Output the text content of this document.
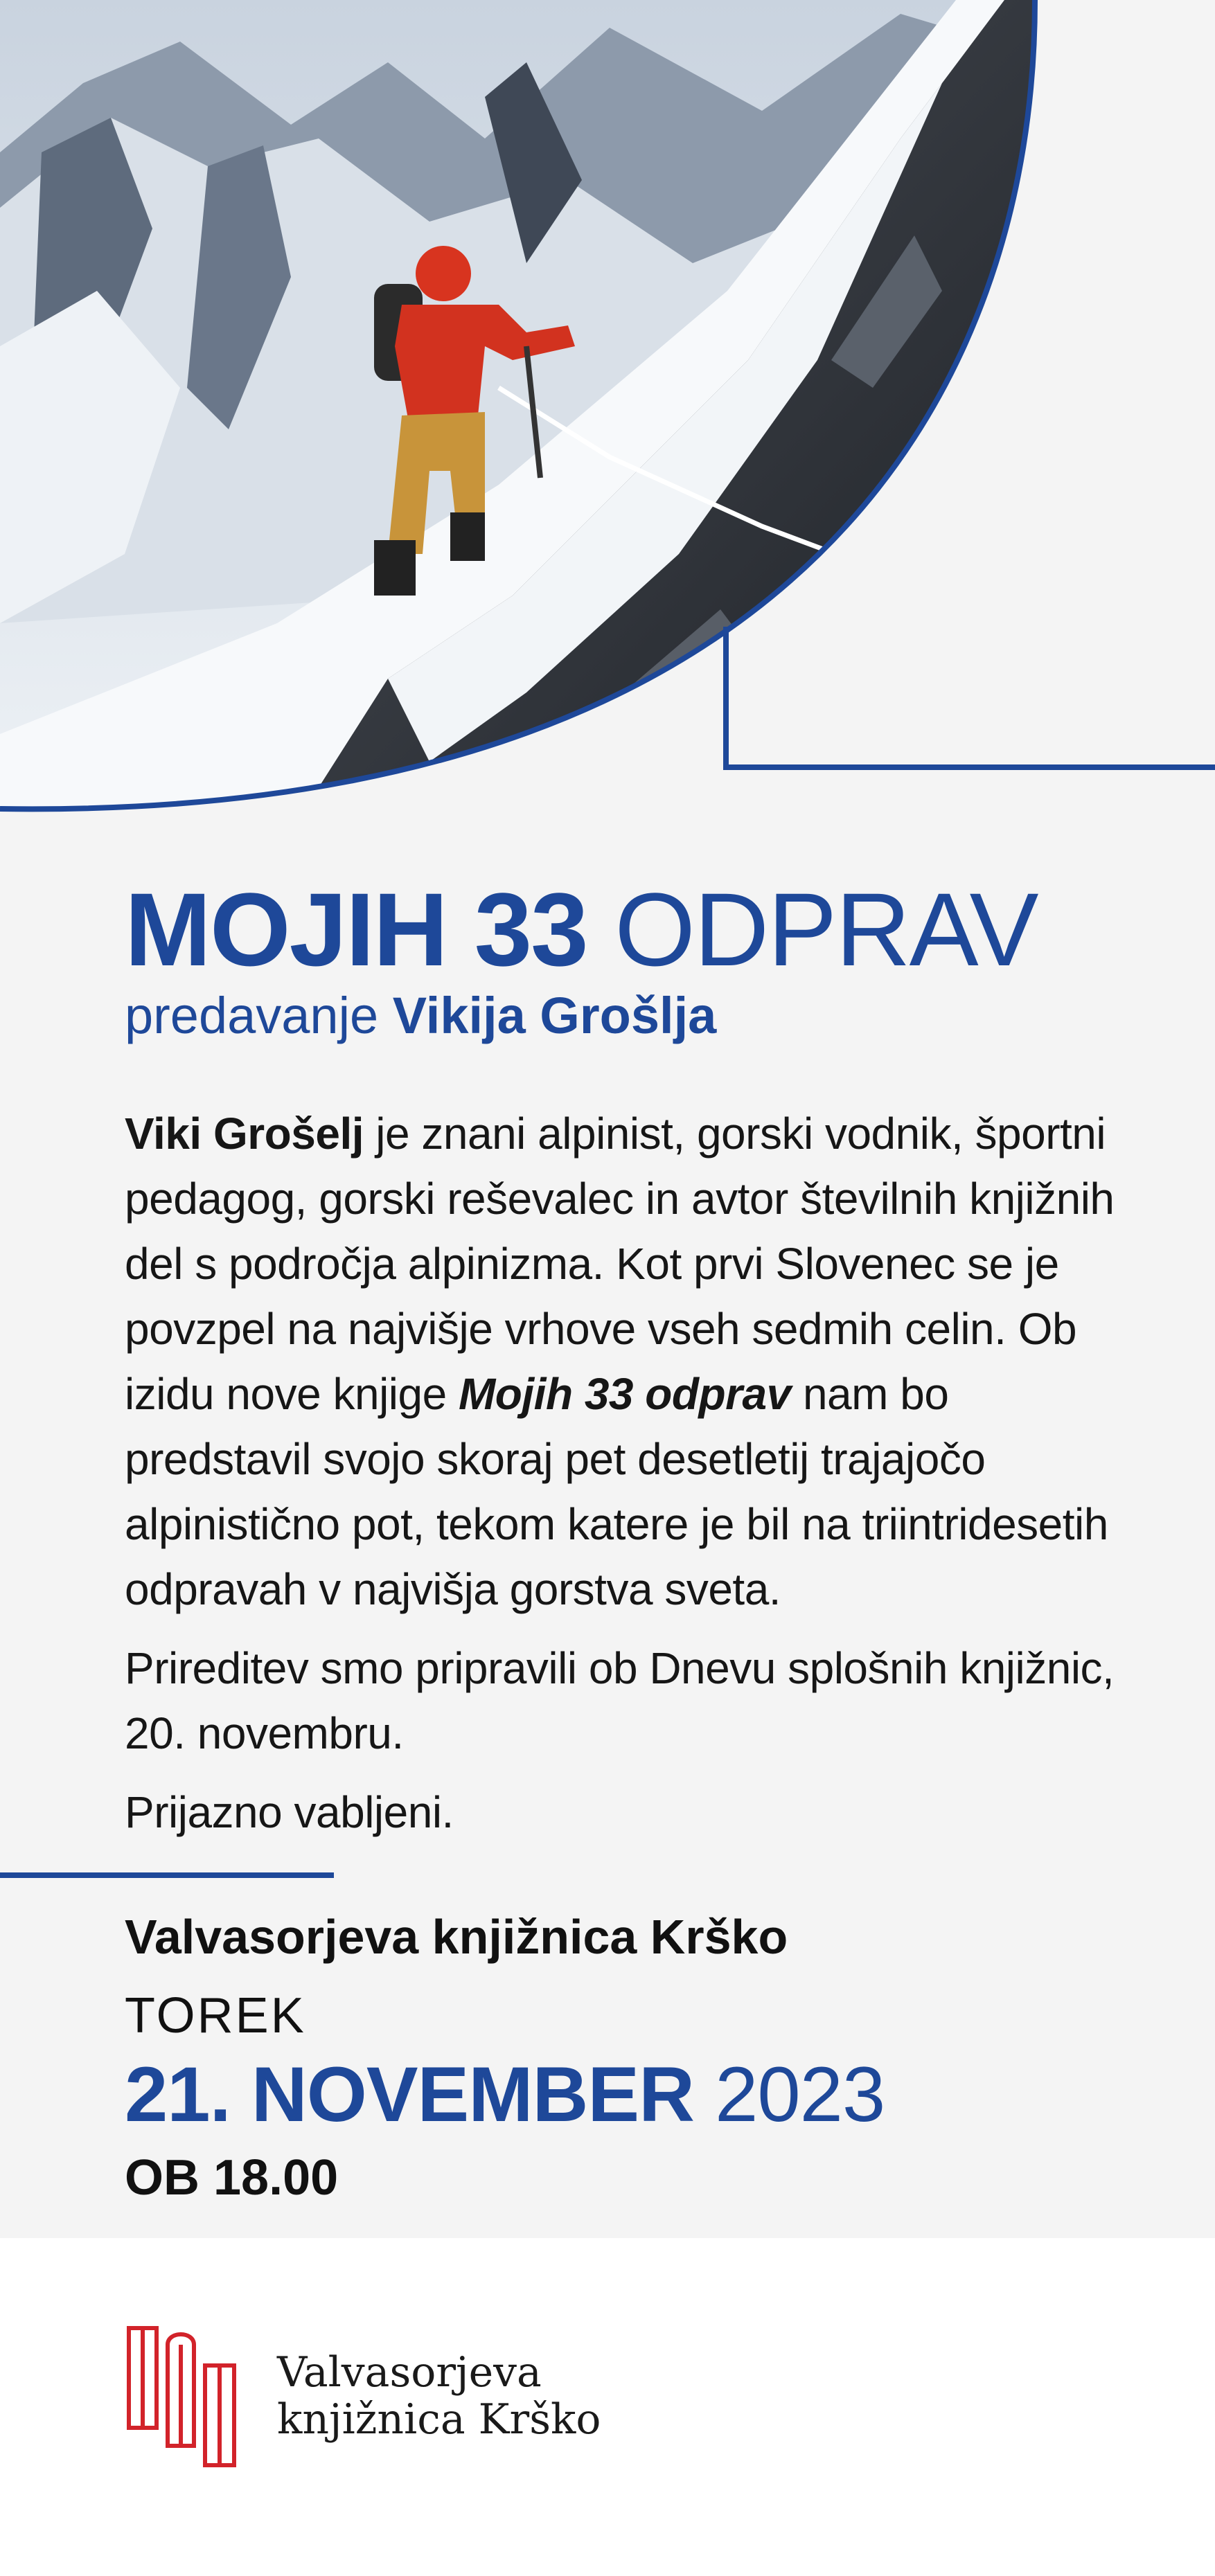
MOJIH 33 ODPRAV
predavanje Vikija Grošlja

Viki Grošelj je znani alpinist, gorski vodnik, športni pedagog, gorski reševalec in avtor številnih knjižnih del s področja alpinizma. Kot prvi Slovenec se je povzpel na najvišje vrhove vseh sedmih celin. Ob izidu nove knjige Mojih 33 odprav nam bo predstavil svojo skoraj pet desetletij trajajočo alpinistično pot, tekom katere je bil na triintridesetih odpravah v najvišja gorstva sveta.

Prireditev smo pripravili ob Dnevu splošnih knjižnic, 20. novembru.

Prijazno vabljeni.

Valvasorjeva knjižnica Krško
TOREK
21. NOVEMBER 2023
OB 18.00
Valvasorjeva
knjižnica Krško
